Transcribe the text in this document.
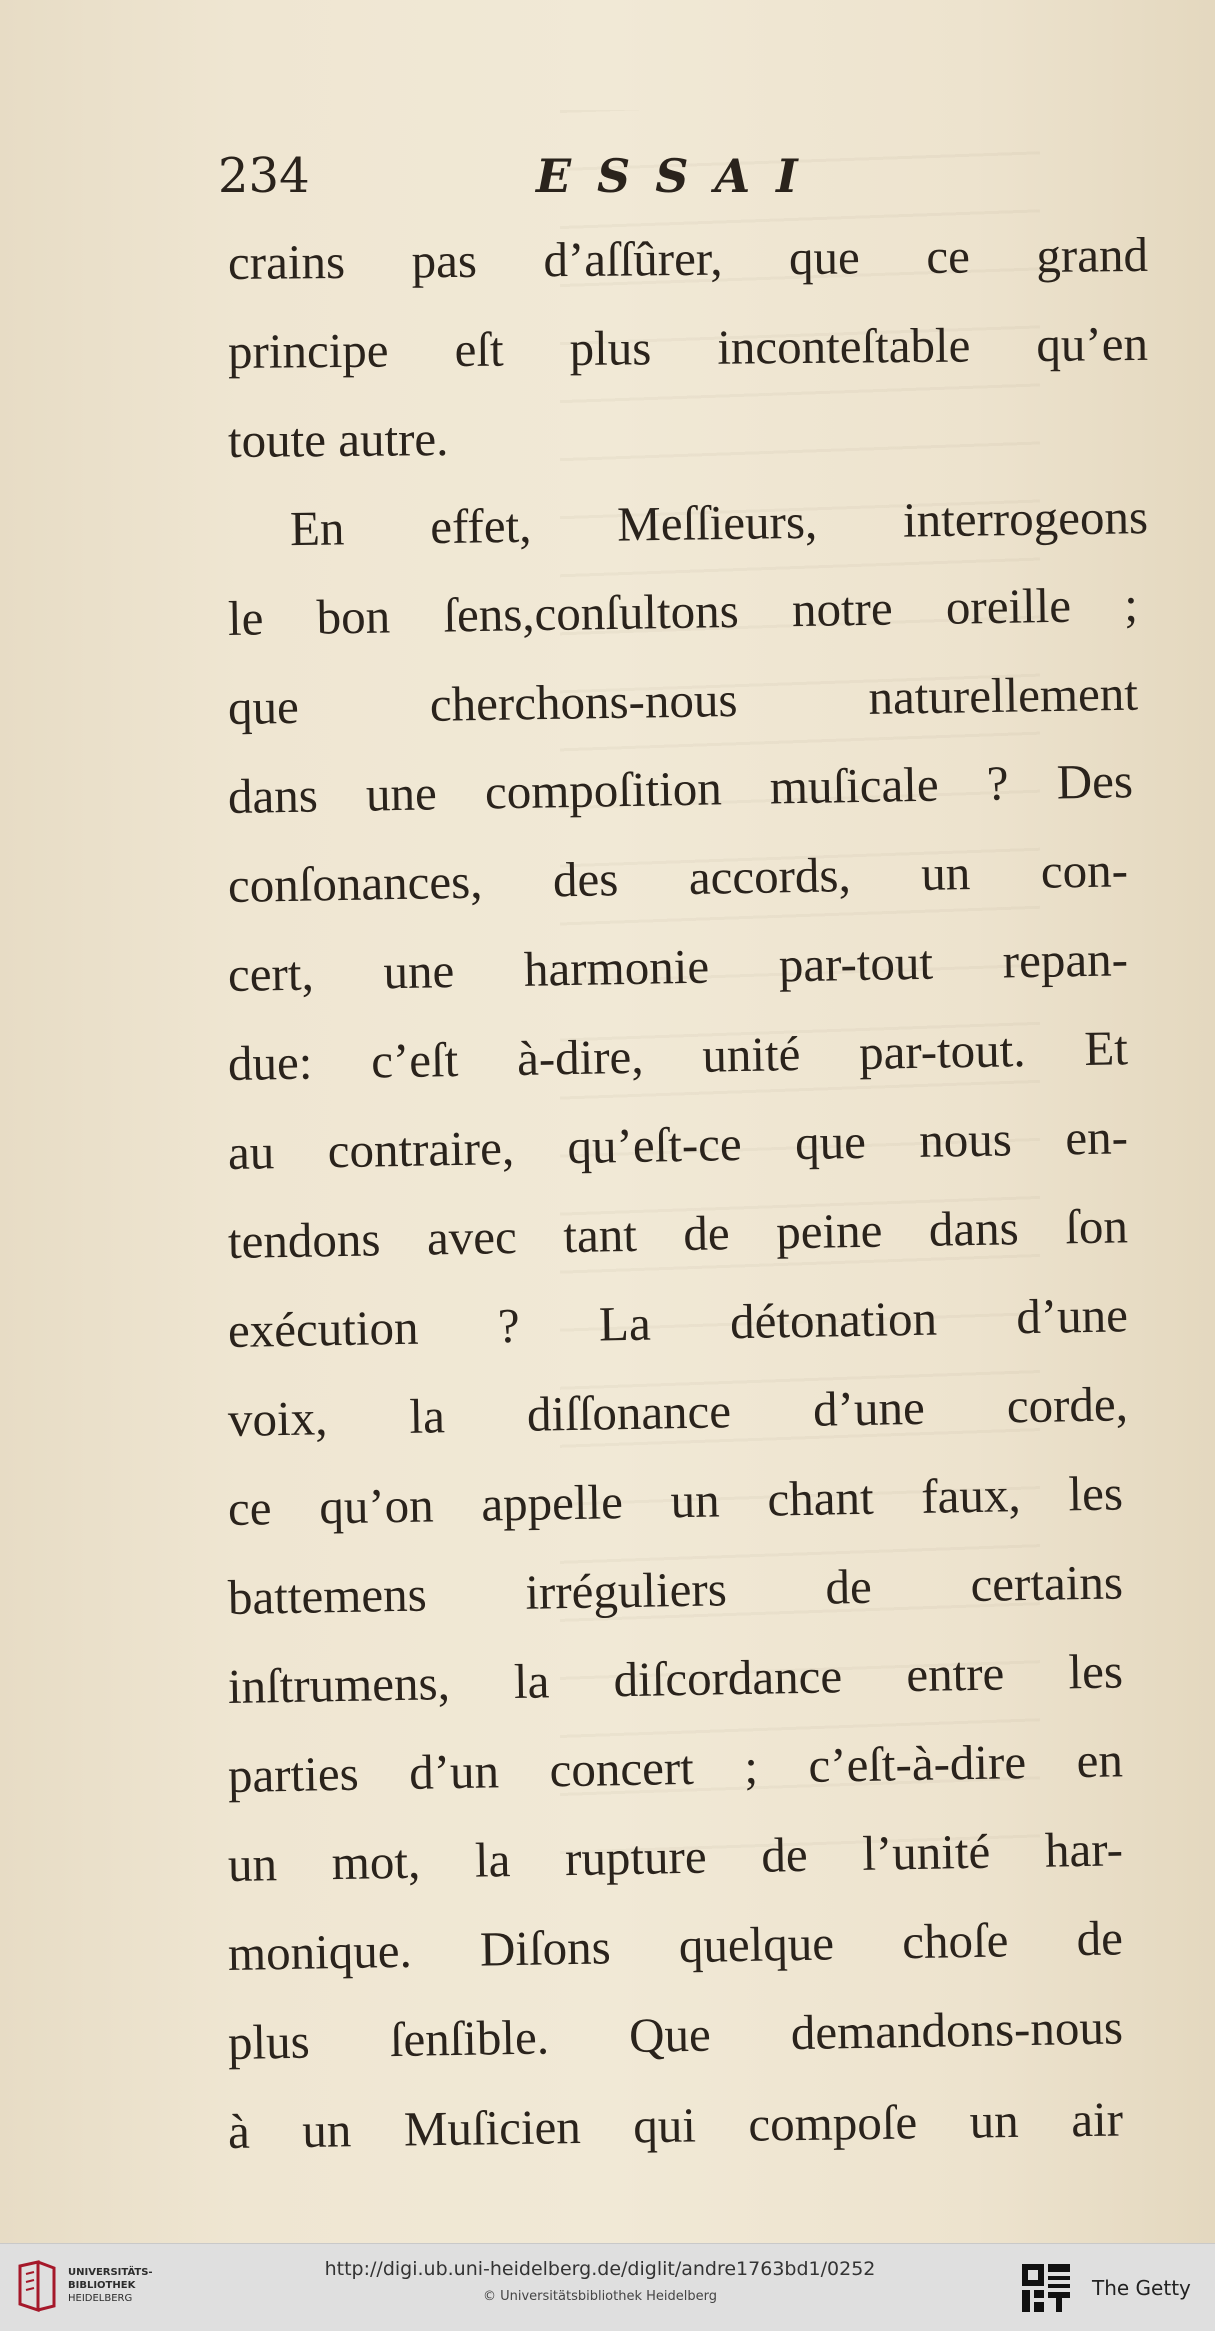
234	ESSAI
crains pas d’aſſûrer, que ce grand
principe eſt plus inconteſtable qu’en
toute autre.
En effet, Meſſieurs, interrogeons
le bon ſens,conſultons notre oreille ;
que cherchons-nous naturellement
dans une compoſition muſicale ? Des
conſonances, des accords, un con-
cert, une harmonie par-tout repan-
due: c’eſt à-dire, unité par-tout. Et
au contraire, qu’eſt-ce que nous en-
tendons avec tant de peine dans ſon
exécution ? La détonation d’une
voix, la diſſonance d’une corde,
ce qu’on appelle un chant faux, les
battemens irréguliers de certains
inſtrumens, la diſcordance entre les
parties d’un concert ; c’eſt-à-dire en
un mot, la rupture de l’unité har-
monique. Diſons quelque choſe de
plus ſenſible. Que demandons-nous
à un Muſicien qui compoſe un air
UNIVERSITÄTS-
BIBLIOTHEK
HEIDELBERG
http://digi.ub.uni-heidelberg.de/diglit/andre1763bd1/0252
© Universitätsbibliothek Heidelberg	The Getty
